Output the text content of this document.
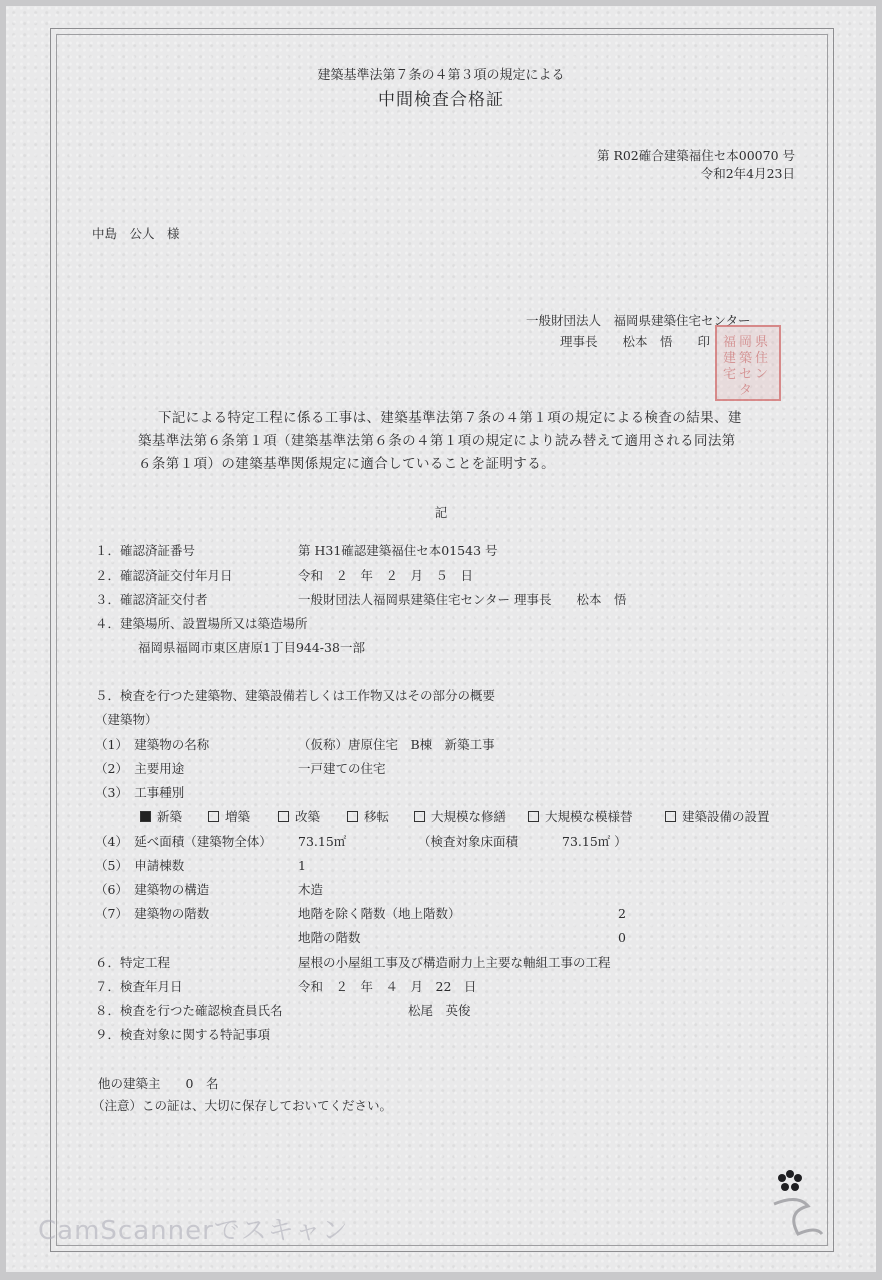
建築基準法第７条の４第３項の規定による
中間検査合格証
第 R02確合建築福住セ本00070 号
令和2年4月23日
中島　公人　様
一般財団法人　福岡県建築住宅センター
理事長　　松本　悟　　印 福 岡 県
建 築 住
宅 セ ン
タ
下記による特定工程に係る工事は、建築基準法第７条の４第１項の規定による検査の結果、建築基準法第６条第１項（建築基準法第６条の４第１項の規定により読み替えて適用される同法第６条第１項）の建築基準関係規定に適合していることを証明する。
記
１．確認済証番号	第 H31確認建築福住セ本01543 号
２．確認済証交付年月日	令和　２　年　２　月　５　日
３．確認済証交付者	一般財団法人福岡県建築住宅センター 理事長　　松本　悟
４．建築場所、設置場所又は築造場所
福岡県福岡市東区唐原1丁目944-38一部
５．検査を行つた建築物、建築設備若しくは工作物又はその部分の概要
（建築物）
（1）　 建築物の名称	（仮称）唐原住宅　B棟　新築工事
（2）　 主要用途	一戸建ての住宅
（3）　 工事種別
新築	増築	改築	移転	大規模な修繕	大規模な模様替	建築設備の設置
（4）　 延べ面積（建築物全体） 73.15㎡	（検査対象床面積	73.15㎡ ）
（5）　 申請棟数	1
（6）　 建築物の構造	木造
（7）　 建築物の階数	地階を除く階数（地上階数）	2
地階の階数	0
６．特定工程	屋根の小屋組工事及び構造耐力上主要な軸組工事の工程
７．検査年月日	令和　２　年　４　月　22　日
８．検査を行つた確認検査員氏名	松尾　英俊
９．検査対象に関する特記事項
他の建築主　　0　名
（注意）この証は、大切に保存しておいてください。
CamScannerでスキャン
